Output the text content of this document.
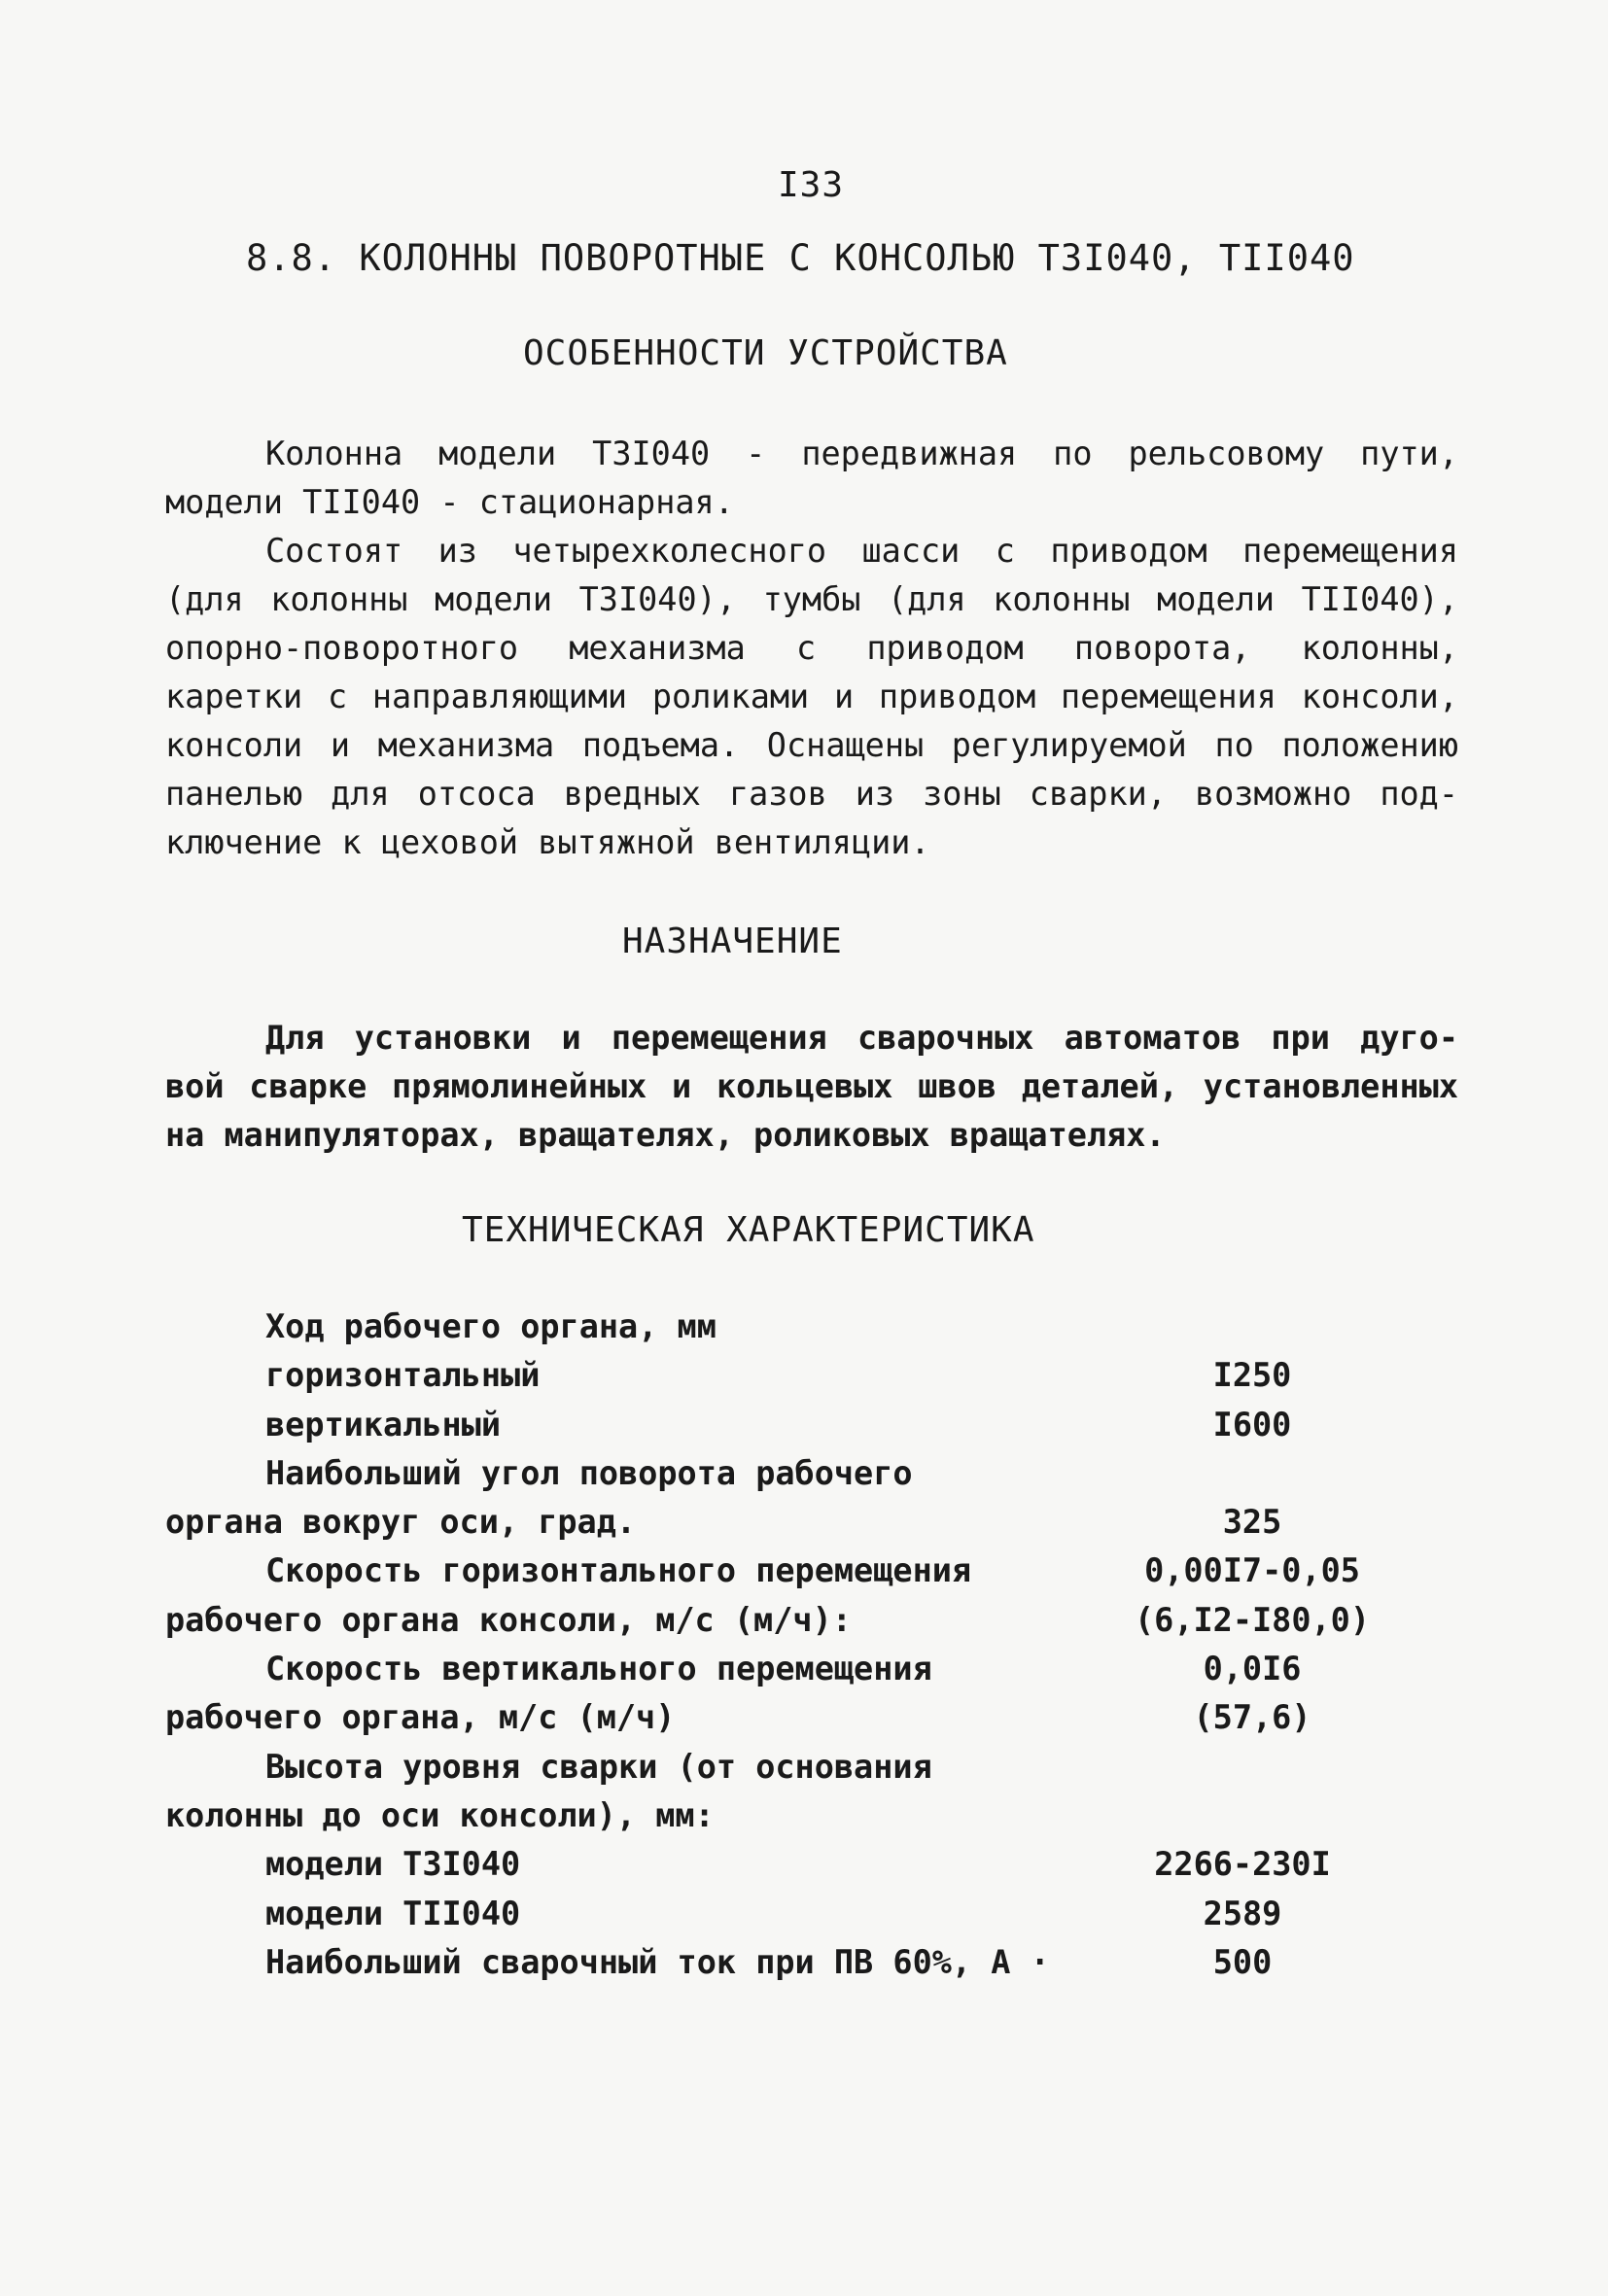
I33
8.8. КОЛОННЫ ПОВОРОТНЫЕ С КОНСОЛЬЮ ТЗI040, ТII040
ОСОБЕННОСТИ УСТРОЙСТВА
Колонна модели ТЗI040 - передвижная по рельсовому пути,
модели ТII040 - стационарная.
Состоят из четырехколесного шасси с приводом перемещения
(для колонны модели ТЗI040), тумбы (для колонны модели ТII040),
опорно-поворотного механизма с приводом поворота, колонны,
каретки с направляющими роликами и приводом перемещения консоли,
консоли и механизма подъема. Оснащены регулируемой по положению
панелью для отсоса вредных газов из зоны сварки, возможно под-
ключение к цеховой вытяжной вентиляции.
НАЗНАЧЕНИЕ
Для установки и перемещения сварочных автоматов при дуго-
вой сварке прямолинейных и кольцевых швов деталей, установленных
на манипуляторах, вращателях, роликовых вращателях.
ТЕХНИЧЕСКАЯ ХАРАКТЕРИСТИКА
Ход рабочего органа, мм
горизонтальный	I250
вертикальный	I600
Наибольший угол поворота рабочего
органа вокруг оси, град.	325
Скорость горизонтального перемещения	0,00I7-0,05
рабочего органа консоли, м/с (м/ч):	(6,I2-I80,0)
Скорость вертикального перемещения	0,0I6
рабочего органа, м/с (м/ч)	(57,6)
Высота уровня сварки (от основания
колонны до оси консоли), мм:
модели ТЗI040	2266-230I
модели ТII040	2589
Наибольший сварочный ток при ПВ 60%, А ·	500
